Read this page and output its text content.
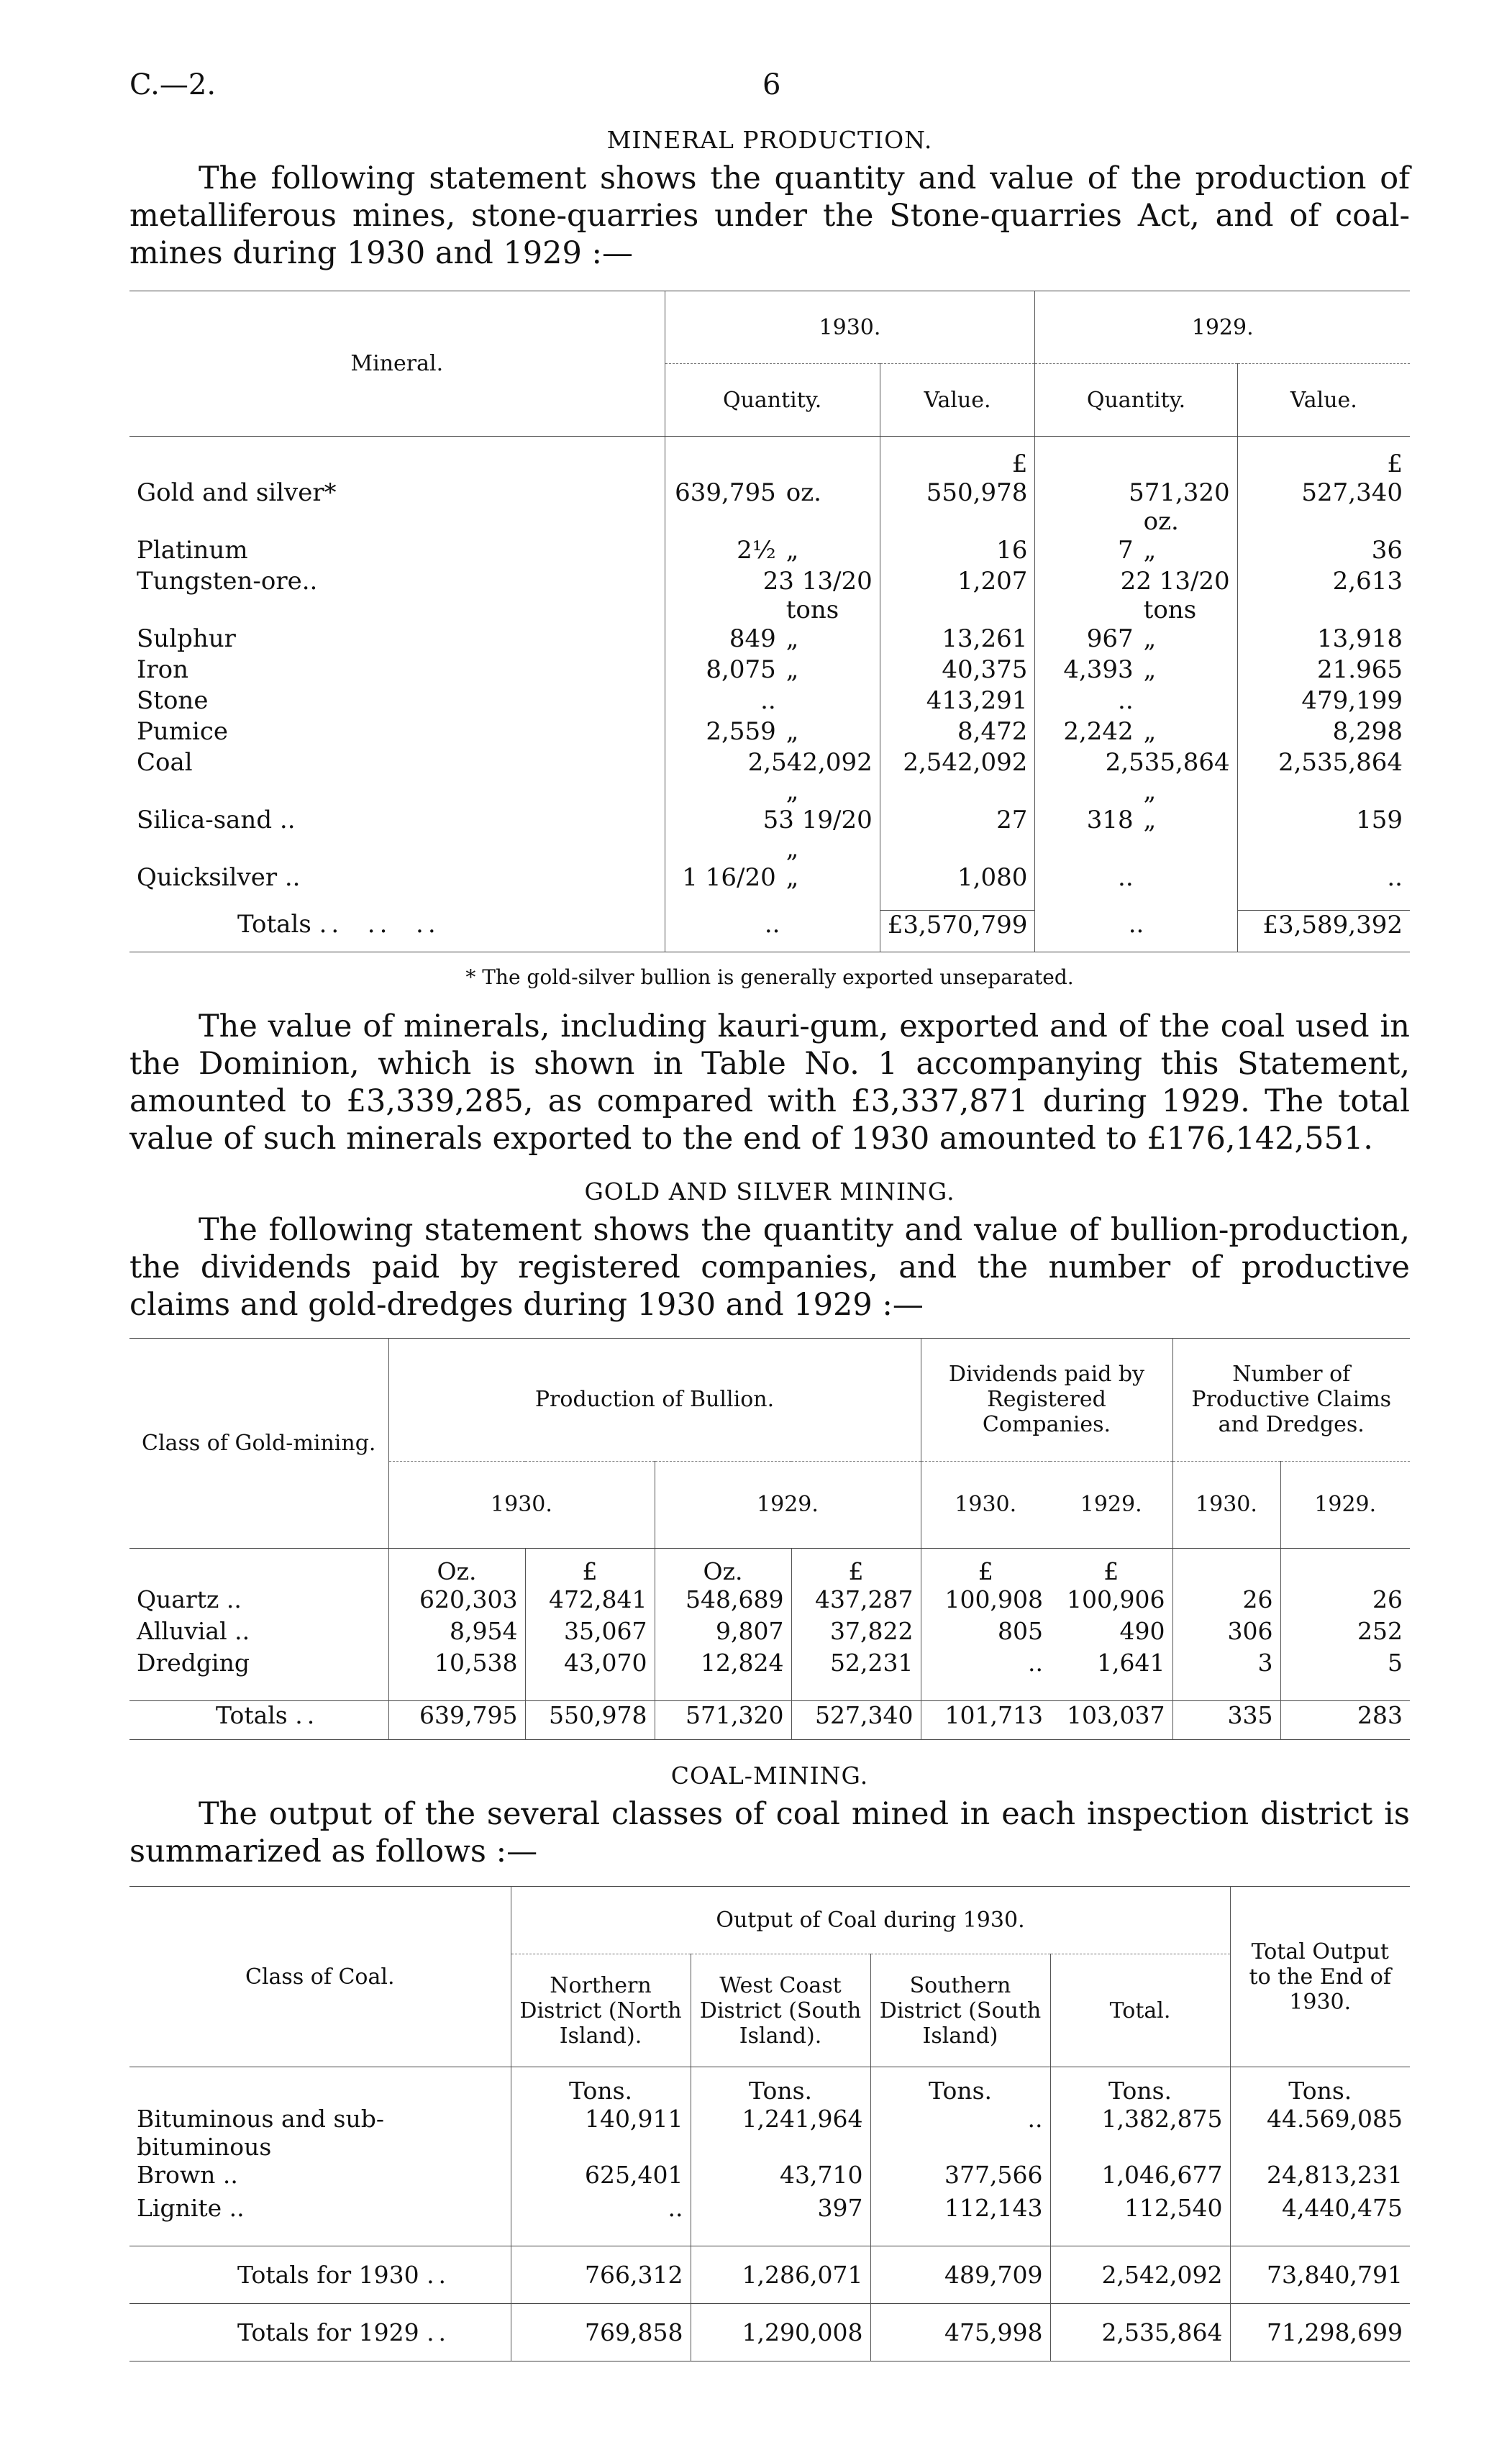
C.—2.	6
MINERAL PRODUCTION.
The following statement shows the quantity and value of the production of metalliferous mines, stone-quarries under the Stone-quarries Act, and of coal-mines during 1930 and 1929 :—
Mineral.	1930.		1929.	
	Quantity.	Value.	Quantity.	Value.
		£		£
Gold and silver*	639,795 oz.	550,978	571,320oz.	527,340
Platinum	2½ „	16	7 „	36
Tungsten-ore..	23 13/20tons	1,207	22 13/20tons	2,613
Sulphur	849 „	13,261	967 „	13,918
Iron	8,075 „	40,375	4,393 „	21.965
Stone	..	413,291	..	479,199
Pumice	2,559 „	8,472	2,242 „	8,298
Coal	2,542,092„	2,542,092	2,535,864„	2,535,864
Silica-sand ..	53 19/20„	27	318 „	159
Quicksilver ..	1 16/20 „	1,080	..	..

Totals ..  ..  ..	..	£3,570,799	..	£3,589,392
* The gold-silver bullion is generally exported unseparated.
The value of minerals, including kauri-gum, exported and of the coal used in the Dominion, which is shown in Table No. 1 accompanying this Statement, amounted to £3,339,285, as compared with £3,337,871 during 1929. The total value of such minerals exported to the end of 1930 amounted to £176,142,551.
GOLD AND SILVER MINING.
The following statement shows the quantity and value of bullion-production, the dividends paid by registered companies, and the number of productive claims and gold-dredges during 1930 and 1929 :—
Class of Gold-mining.	Production of Bullion.				Dividends paid by Registered Companies.		Number of Productive Claims and Dredges.	
	1930.		1929.		1930.	1929.	1930.	1929.
	Oz.	£	Oz.	£	£	£		
Quartz ..	620,303	472,841	548,689	437,287	100,908	100,906	26	26
Alluvial ..	8,954	35,067	9,807	37,822	805	490	306	252
Dredging	10,538	43,070	12,824	52,231	..	1,641	3	5

Totals ..	639,795	550,978	571,320	527,340	101,713	103,037	335	283
COAL-MINING.
The output of the several classes of coal mined in each inspection district is summarized as follows :—
Class of Coal.	Output of Coal during 1930.				Total Output to the End of 1930.
	Northern District (North Island).	West Coast District (South Island).	Southern District (South Island)	Total.	
	Tons.	Tons.	Tons.	Tons.	Tons.
Bituminous and sub-bituminous	140,911	1,241,964	..	1,382,875	44.569,085
Brown ..	625,401	43,710	377,566	1,046,677	24,813,231
Lignite ..	..	397	112,143	112,540	4,440,475

Totals for 1930 ..	766,312	1,286,071	489,709	2,542,092	73,840,791
Totals for 1929 ..	769,858	1,290,008	475,998	2,535,864	71,298,699
